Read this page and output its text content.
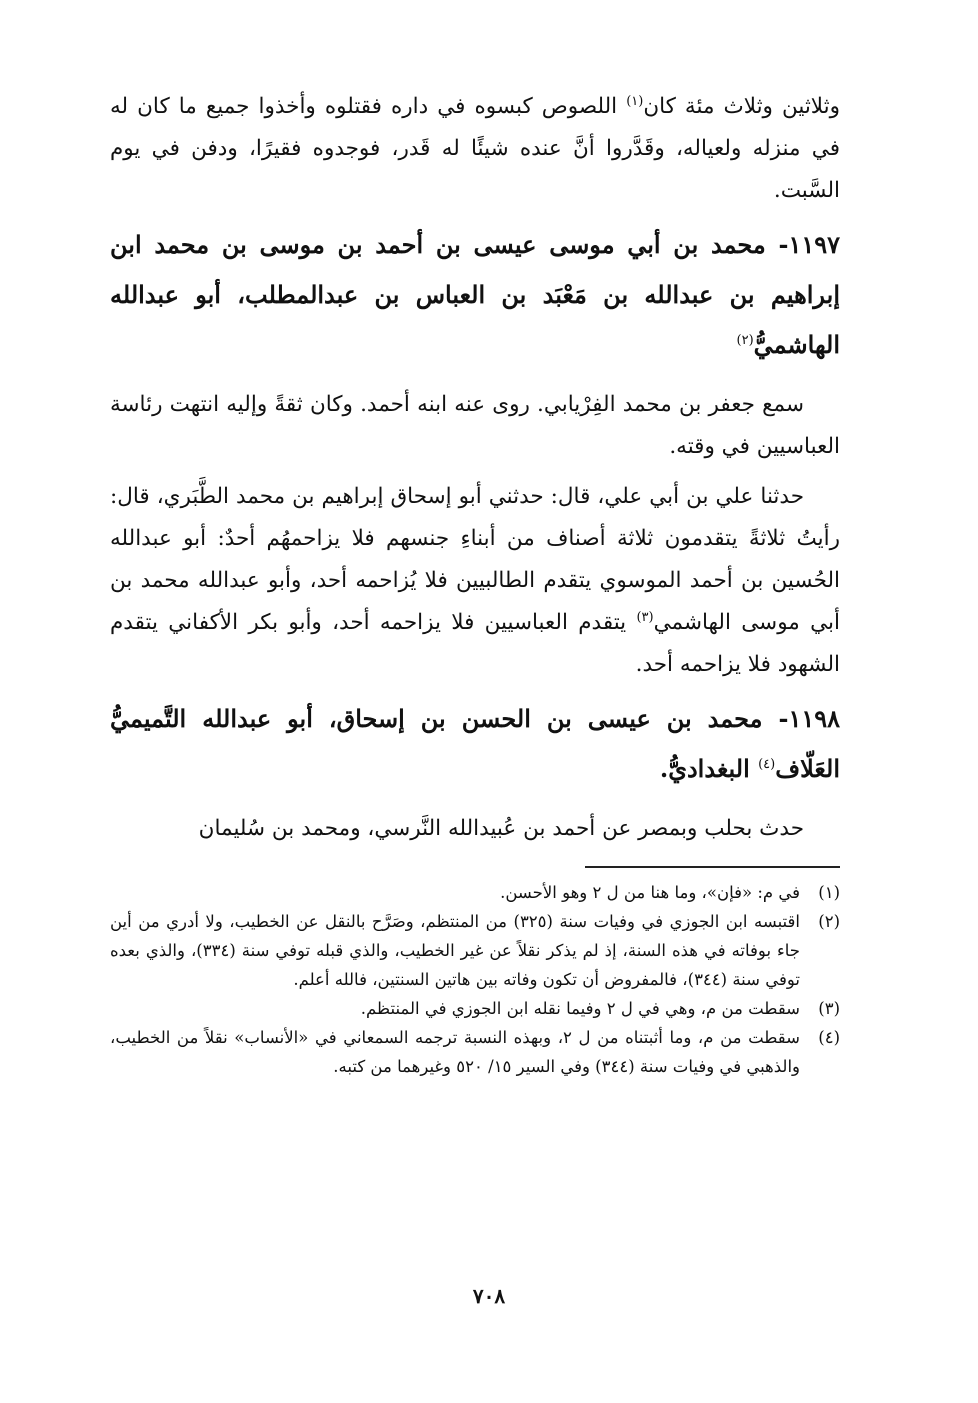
وثلاثين وثلاث مئة كان$^{(١)}$ اللصوص كبسوه في داره فقتلوه وأخذوا جميع ما كان له في منزله ولعياله، وقَدَّروا أنَّ عنده شيئًا له قَدر، فوجدوه فقيرًا، ودفن في يوم السَّبت.

١١٩٧- محمد بن أبي موسى عيسى بن أحمد بن موسى بن محمد ابن إبراهيم بن عبدالله بن مَعْبَد بن العباس بن عبدالمطلب، أبو عبدالله الهاشميُّ$^{(٢)}$

سمع جعفر بن محمد الفِرْيابي. روى عنه ابنه أحمد. وكان ثقةً وإليه انتهت رئاسة العباسيين في وقته.

حدثنا علي بن أبي علي، قال: حدثني أبو إسحاق إبراهيم بن محمد الطَّبَري، قال: رأيتُ ثلاثةً يتقدمون ثلاثة أصناف من أبناءِ جنسهم فلا يزاحمهُم أحدٌ: أبو عبدالله الحُسين بن أحمد الموسوي يتقدم الطالبيين فلا يُزاحمه أحد، وأبو عبدالله محمد بن أبي موسى الهاشمي$^{(٣)}$ يتقدم العباسيين فلا يزاحمه أحد، وأبو بكر الأكفاني يتقدم الشهود فلا يزاحمه أحد.

١١٩٨- محمد بن عيسى بن الحسن بن إسحاق، أبو عبدالله التَّميميُّ العَلّاف$^{(٤)}$ البغداديُّ.

حدث بحلب وبمصر عن أحمد بن عُبيدالله النَّرسي، ومحمد بن سُليمان

(١)
في م: «فإن»، وما هنا من ل ٢ وهو الأحسن.
(٢)
اقتبسه ابن الجوزي في وفيات سنة (٣٢٥) من المنتظم، وصَرَّح بالنقل عن الخطيب، ولا أدري من أين جاء بوفاته في هذه السنة، إذ لم يذكر نقلاً عن غير الخطيب، والذي قبله توفي سنة (٣٣٤)، والذي بعده توفي سنة (٣٤٤)، فالمفروض أن تكون وفاته بين هاتين السنتين، فالله أعلم.
(٣)
سقطت من م، وهي في ل ٢ وفيما نقله ابن الجوزي في المنتظم.
(٤)
سقطت من م، وما أثبتناه من ل ٢، وبهذه النسبة ترجمه السمعاني في «الأنساب» نقلاً من الخطيب، والذهبي في وفيات سنة (٣٤٤) وفي السير ١٥/ ٥٢٠ وغيرهما من كتبه.
٧٠٨
